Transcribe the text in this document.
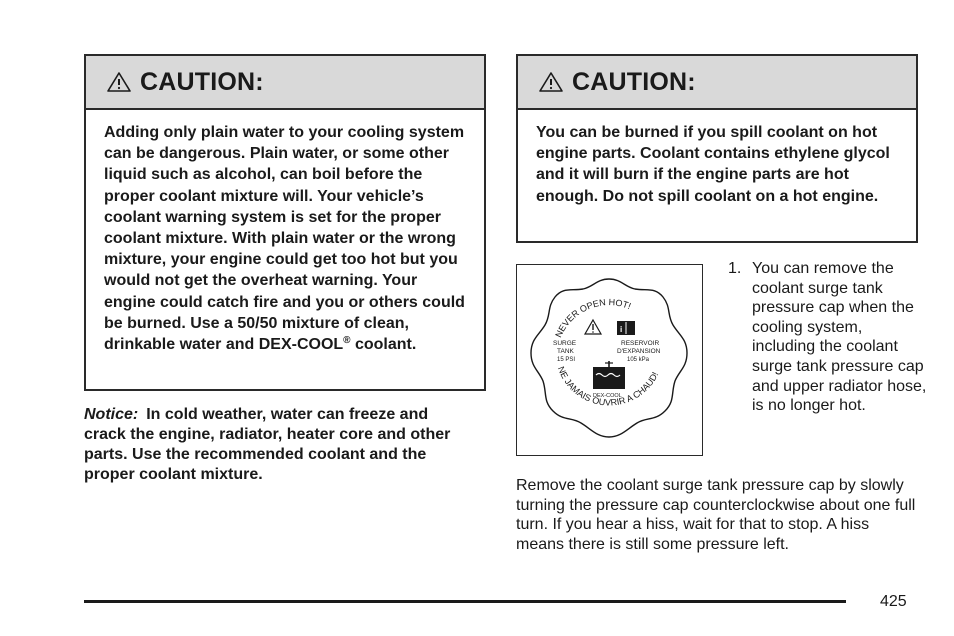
CAUTION:
Adding only plain water to your cooling system can be dangerous. Plain water, or some other liquid such as alcohol, can boil before the proper coolant mixture will. Your vehicle’s coolant warning system is set for the proper coolant mixture. With plain water or the wrong mixture, your engine could get too hot but you would not get the overheat warning. Your engine could catch fire and you or others could be burned. Use a 50/50 mixture of clean, drinkable water and DEX-COOL® coolant.
Notice: In cold weather, water can freeze and crack the engine, radiator, heater core and other parts. Use the recommended coolant and the proper coolant mixture.
CAUTION:
You can be burned if you spill coolant on hot engine parts. Coolant contains ethylene glycol and it will burn if the engine parts are hot enough. Do not spill coolant on a hot engine.
NEVER OPEN HOT!
NE JAMAIS OUVRIR A CHAUD!
i
SURGE
TANK
15 PSI
RESERVOIR
D'EXPANSION
105 kPa
DEX-COOL
1. You can remove the coolant surge tank pressure cap when the cooling system, including the coolant surge tank pressure cap and upper radiator hose, is no longer hot.
Remove the coolant surge tank pressure cap by slowly turning the pressure cap counterclockwise about one full turn. If you hear a hiss, wait for that to stop. A hiss means there is still some pressure left.
425
